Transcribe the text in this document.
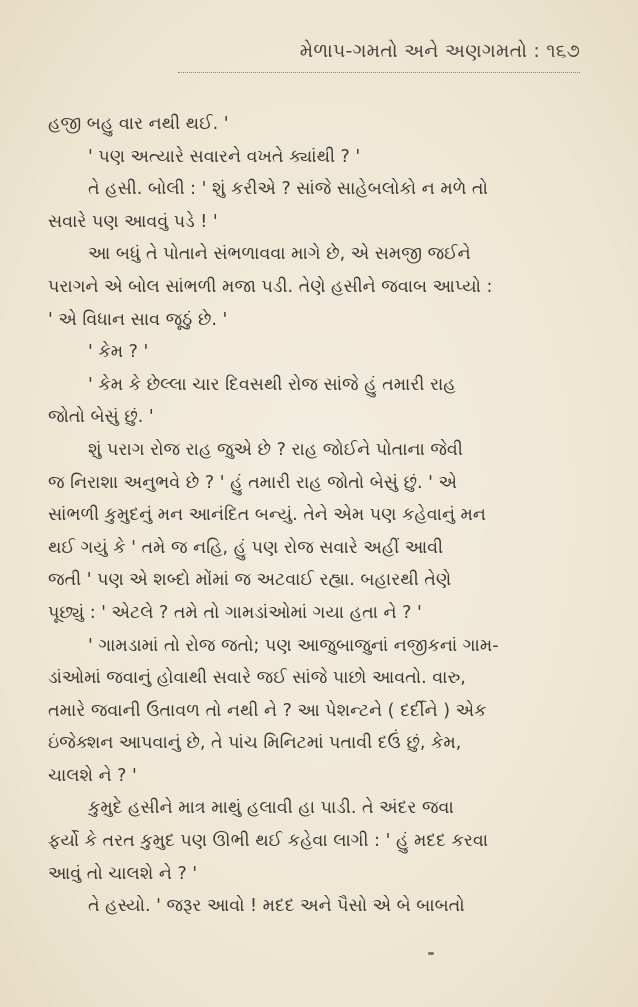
મેળાપ-ગમતો અને અણગમતો : ૧૬૭
હજી બહુ વાર નથી થઈ. '
' પણ અત્યારે સવારને વખતે ક્યાંથી ? '
તે હસી. બોલી : ' શું કરીએ ? સાંજે સાહેબલોકો ન મળે તો
સવારે પણ આવવું પડે ! '
આ બધું તે પોતાને સંભળાવવા માગે છે, એ સમજી જઈને
પરાગને એ બોલ સાંભળી મજા પડી. તેણે હસીને જવાબ આપ્યો :
' એ વિધાન સાવ જૂઠું છે. '
' કેમ ? '
' કેમ કે છેલ્લા ચાર દિવસથી રોજ સાંજે હું તમારી રાહ
જોતો બેસું છું. '
શું પરાગ રોજ રાહ જુએ છે ? રાહ જોઈને પોતાના જેવી
જ નિરાશા અનુભવે છે ? ' હું તમારી રાહ જોતો બેસું છું. ' એ
સાંભળી કુમુદનું મન આનંદિત બન્યું. તેને એમ પણ કહેવાનું મન
થઈ ગયું કે ' તમે જ નહિ, હું પણ રોજ સવારે અહીં આવી
જતી ' પણ એ શબ્દો મોંમાં જ અટવાઈ રહ્યા. બહારથી તેણે
પૂછ્યું : ' એટલે ? તમે તો ગામડાંઓમાં ગયા હતા ને ? '
' ગામડામાં તો રોજ જતો; પણ આજુબાજુનાં નજીકનાં ગામ-
ડાંઓમાં જવાનું હોવાથી સવારે જઈ સાંજે પાછો આવતો. વારુ,
તમારે જવાની ઉતાવળ તો નથી ને ? આ પેશન્ટને ( દર્દીને ) એક
ઇંજેક્શન આપવાનું છે, તે પાંચ મિનિટમાં પતાવી દઉં છું, કેમ,
ચાલશે ને ? '
કુમુદે હસીને માત્ર માથું હલાવી હા પાડી. તે અંદર જવા
ફર્યો કે તરત કુમુદ પણ ઊભી થઈ કહેવા લાગી : ' હું મદદ કરવા
આવું તો ચાલશે ને ? '
તે હસ્યો. ' જરૂર આવો ! મદદ અને પૈસો એ બે બાબતો
